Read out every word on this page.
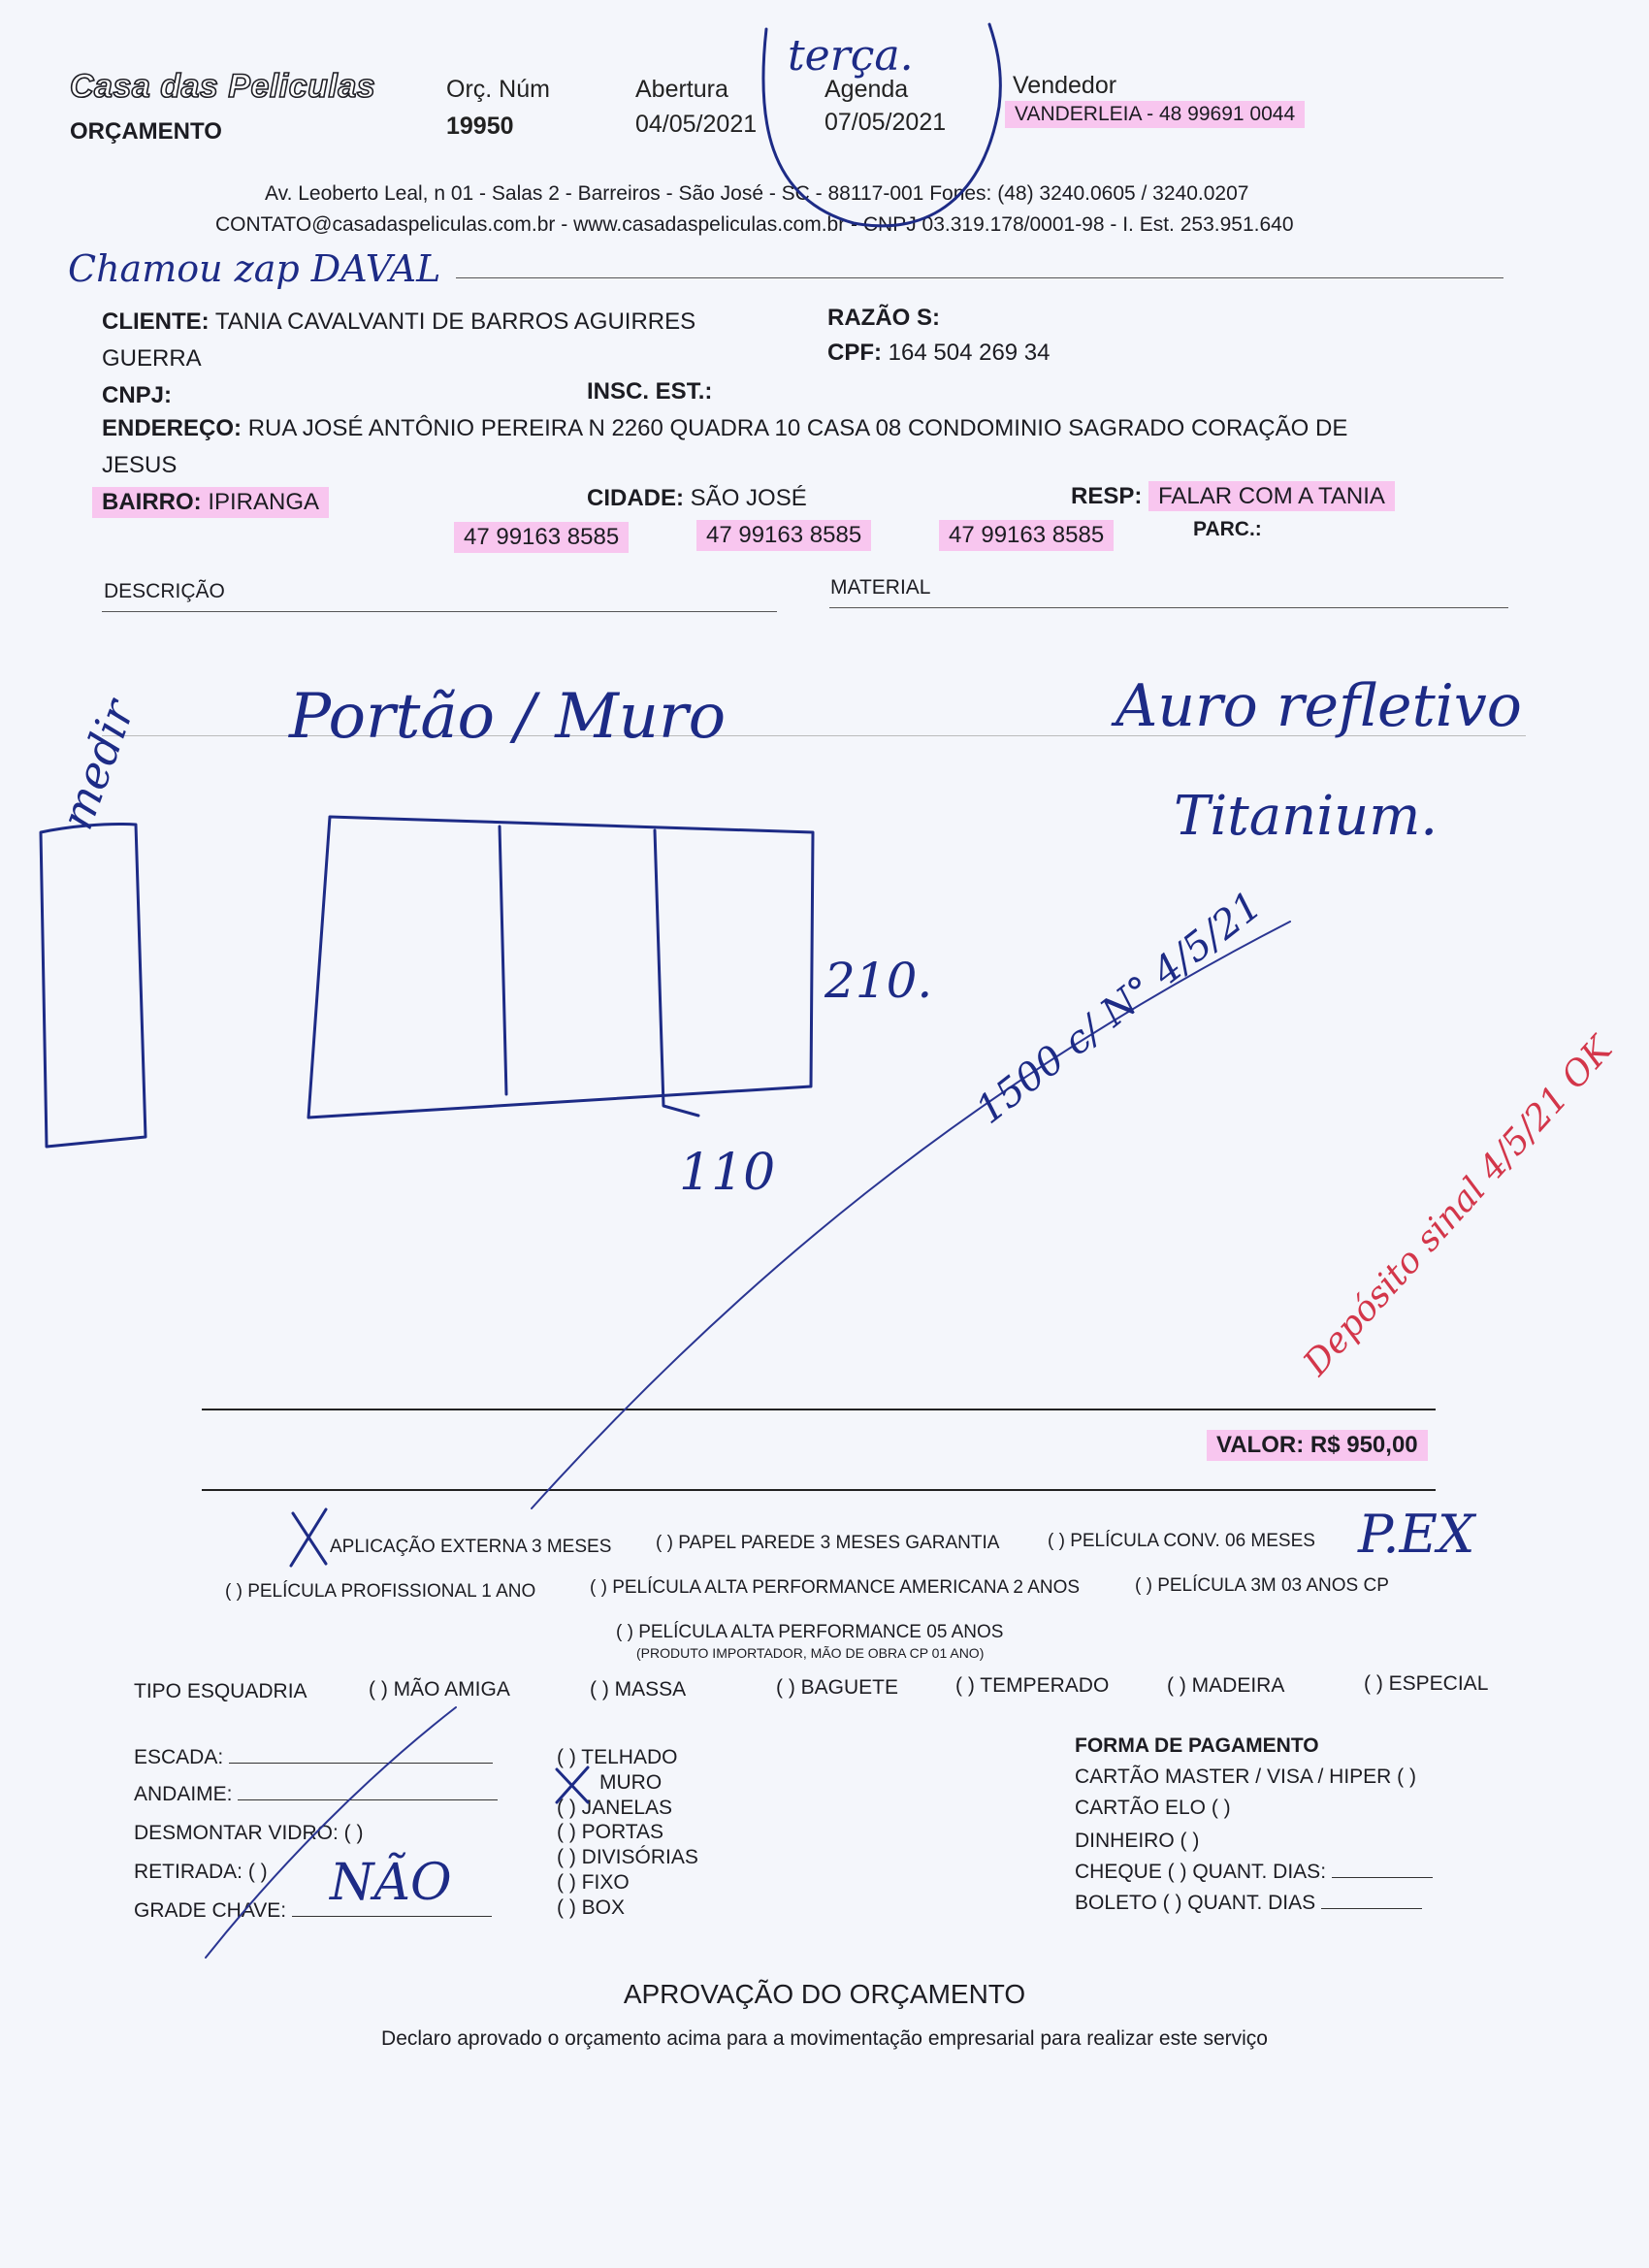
Casa das Peliculas
ORÇAMENTO
Orç. Núm
19950
Abertura
04/05/2021
Agenda
07/05/2021
Vendedor
VANDERLEIA - 48 99691 0044
Av. Leoberto Leal, n 01 - Salas 2 - Barreiros - São José - SC - 88117-001 Fones: (48) 3240.0605 / 3240.0207
CONTATO@casadaspeliculas.com.br - www.casadaspeliculas.com.br - CNPJ 03.319.178/0001-98 - I. Est. 253.951.640
CLIENTE: TANIA CAVALVANTI DE BARROS AGUIRRES
GUERRA
RAZÃO S:
CPF: 164 504 269 34
CNPJ:	INSC. EST.:
ENDEREÇO: RUA JOSÉ ANTÔNIO PEREIRA N 2260 QUADRA 10 CASA 08 CONDOMINIO SAGRADO CORAÇÃO DE
JESUS
BAIRRO: IPIRANGA	CIDADE: SÃO JOSÉ	RESP: FALAR COM A TANIA
47 99163 8585	47 99163 8585	47 99163 8585	PARC.:
DESCRIÇÃO	MATERIAL
VALOR: R$ 950,00
APLICAÇÃO EXTERNA 3 MESES ( ) PAPEL PAREDE 3 MESES GARANTIA	( ) PELÍCULA CONV. 06 MESES
( ) PELÍCULA PROFISSIONAL 1 ANO	( ) PELÍCULA ALTA PERFORMANCE AMERICANA 2 ANOS	( ) PELÍCULA 3M 03 ANOS CP
( ) PELÍCULA ALTA PERFORMANCE 05 ANOS
(PRODUTO IMPORTADOR, MÃO DE OBRA CP 01 ANO)
TIPO ESQUADRIA	( ) MÃO AMIGA	( ) MASSA	( ) BAGUETE	( ) TEMPERADO	( ) MADEIRA	( ) ESPECIAL
ESCADA:
ANDAIME:
DESMONTAR VIDRO: ( )
RETIRADA: ( )
GRADE CHAVE:
( ) TELHADO
MURO
( ) JANELAS
( ) PORTAS
( ) DIVISÓRIAS
( ) FIXO
( ) BOX
FORMA DE PAGAMENTO
CARTÃO MASTER / VISA / HIPER ( )
CARTÃO ELO ( )
DINHEIRO ( )
CHEQUE ( ) QUANT. DIAS:
BOLETO ( ) QUANT. DIAS
APROVAÇÃO DO ORÇAMENTO
Declaro aprovado o orçamento acima para a movimentação empresarial para realizar este serviço
terça.
Chamou zap DAVAL
medir Portão / Muro	Auro refletivo
Titanium.
210.
110
1500 c/ N° 4/5/21
Depósito sinal 4/5/21 OK
P.EX
NÃO
